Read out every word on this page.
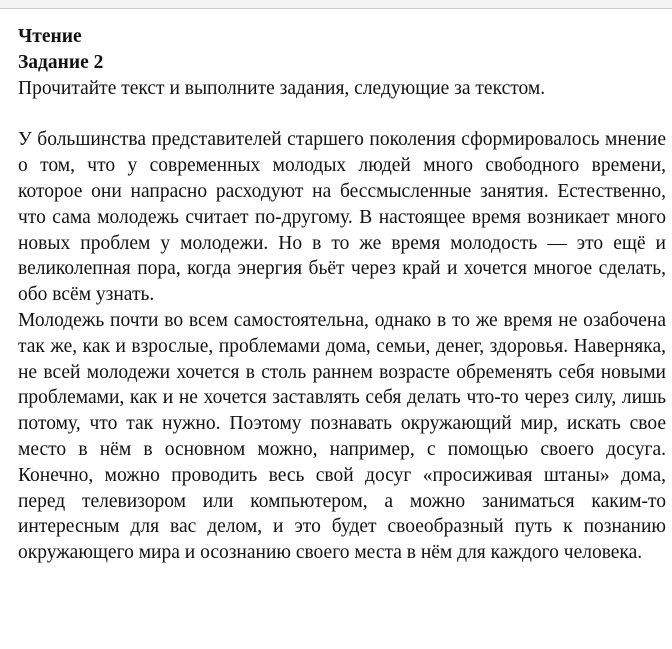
Чтение

Задание 2

Прочитайте текст и выполните задания, следующие за текстом.

У большинства представителей старшего поколения сформировалось мнение о том, что у современных молодых людей много свободного времени, которое они напрасно расходуют на бессмысленные занятия. Естественно, что сама молодежь считает по-другому. В настоящее время возникает много новых проблем у молодежи. Но в то же время молодость — это ещё и великолепная пора, когда энергия бьёт через край и хочется многое сделать, обо всём узнать.

Молодежь почти во всем самостоятельна, однако в то же время не озабочена так же, как и взрослые, проблемами дома, семьи, денег, здоровья. Наверняка, не всей молодежи хочется в столь раннем возрасте обременять себя новыми проблемами, как и не хочется заставлять себя делать что-то через силу, лишь потому, что так нужно. Поэтому познавать окружающий мир, искать свое место в нём в основном можно, например, с помощью своего досуга. Конечно, можно проводить весь свой досуг «просиживая штаны» дома, перед телевизором или компьютером, а можно заниматься каким-то интересным для вас делом, и это будет своеобразный путь к познанию окружающего мира и осознанию своего места в нём для каждого человека.
